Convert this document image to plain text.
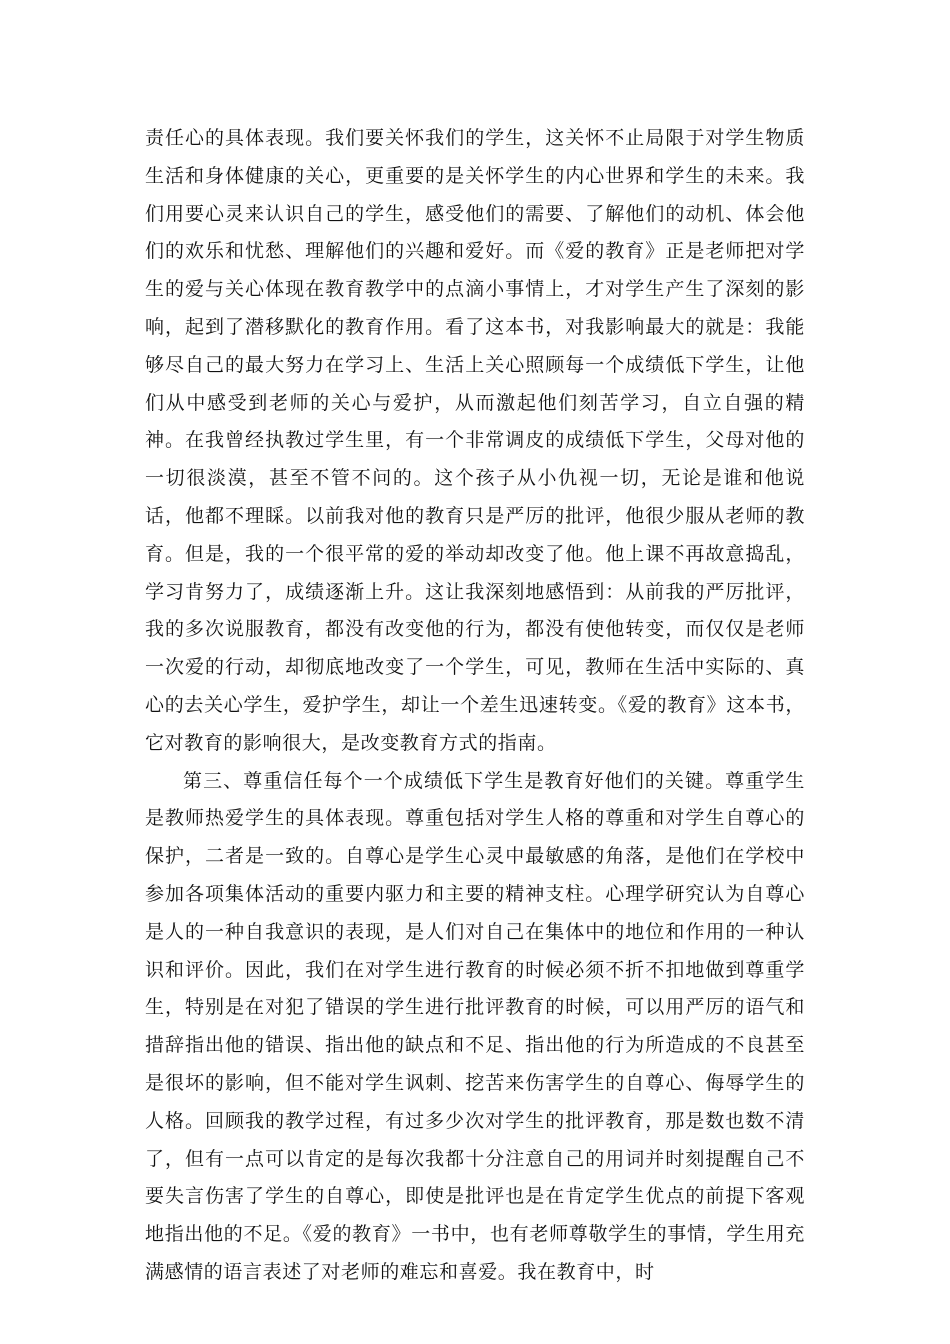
责任心的具体表现。我们要关怀我们的学生，这关怀不止局限于对学生物质生活和身体健康的关心，更重要的是关怀学生的内心世界和学生的未来。我们用要心灵来认识自己的学生，感受他们的需要、了解他们的动机、体会他们的欢乐和忧愁、理解他们的兴趣和爱好。而《爱的教育》正是老师把对学生的爱与关心体现在教育教学中的点滴小事情上，才对学生产生了深刻的影响，起到了潜移默化的教育作用。看了这本书，对我影响最大的就是：我能够尽自己的最大努力在学习上、生活上关心照顾每一个成绩低下学生，让他们从中感受到老师的关心与爱护，从而激起他们刻苦学习，自立自强的精神。在我曾经执教过学生里，有一个非常调皮的成绩低下学生，父母对他的一切很淡漠，甚至不管不问的。这个孩子从小仇视一切，无论是谁和他说话，他都不理睬。以前我对他的教育只是严厉的批评，他很少服从老师的教育。但是，我的一个很平常的爱的举动却改变了他。他上课不再故意捣乱，学习肯努力了，成绩逐渐上升。这让我深刻地感悟到：从前我的严厉批评，我的多次说服教育，都没有改变他的行为，都没有使他转变，而仅仅是老师一次爱的行动，却彻底地改变了一个学生，可见，教师在生活中实际的、真心的去关心学生，爱护学生，却让一个差生迅速转变。《爱的教育》这本书，它对教育的影响很大，是改变教育方式的指南。

第三、尊重信任每个一个成绩低下学生是教育好他们的关键。尊重学生是教师热爱学生的具体表现。尊重包括对学生人格的尊重和对学生自尊心的保护，二者是一致的。自尊心是学生心灵中最敏感的角落，是他们在学校中参加各项集体活动的重要内驱力和主要的精神支柱。心理学研究认为自尊心是人的一种自我意识的表现，是人们对自己在集体中的地位和作用的一种认识和评价。因此，我们在对学生进行教育的时候必须不折不扣地做到尊重学生，特别是在对犯了错误的学生进行批评教育的时候，可以用严厉的语气和措辞指出他的错误、指出他的缺点和不足、指出他的行为所造成的不良甚至是很坏的影响，但不能对学生讽刺、挖苦来伤害学生的自尊心、侮辱学生的人格。回顾我的教学过程，有过多少次对学生的批评教育，那是数也数不清了，但有一点可以肯定的是每次我都十分注意自己的用词并时刻提醒自己不要失言伤害了学生的自尊心，即使是批评也是在肯定学生优点的前提下客观地指出他的不足。《爱的教育》一书中，也有老师尊敬学生的事情，学生用充满感情的语言表述了对老师的难忘和喜爱。我在教育中，时
